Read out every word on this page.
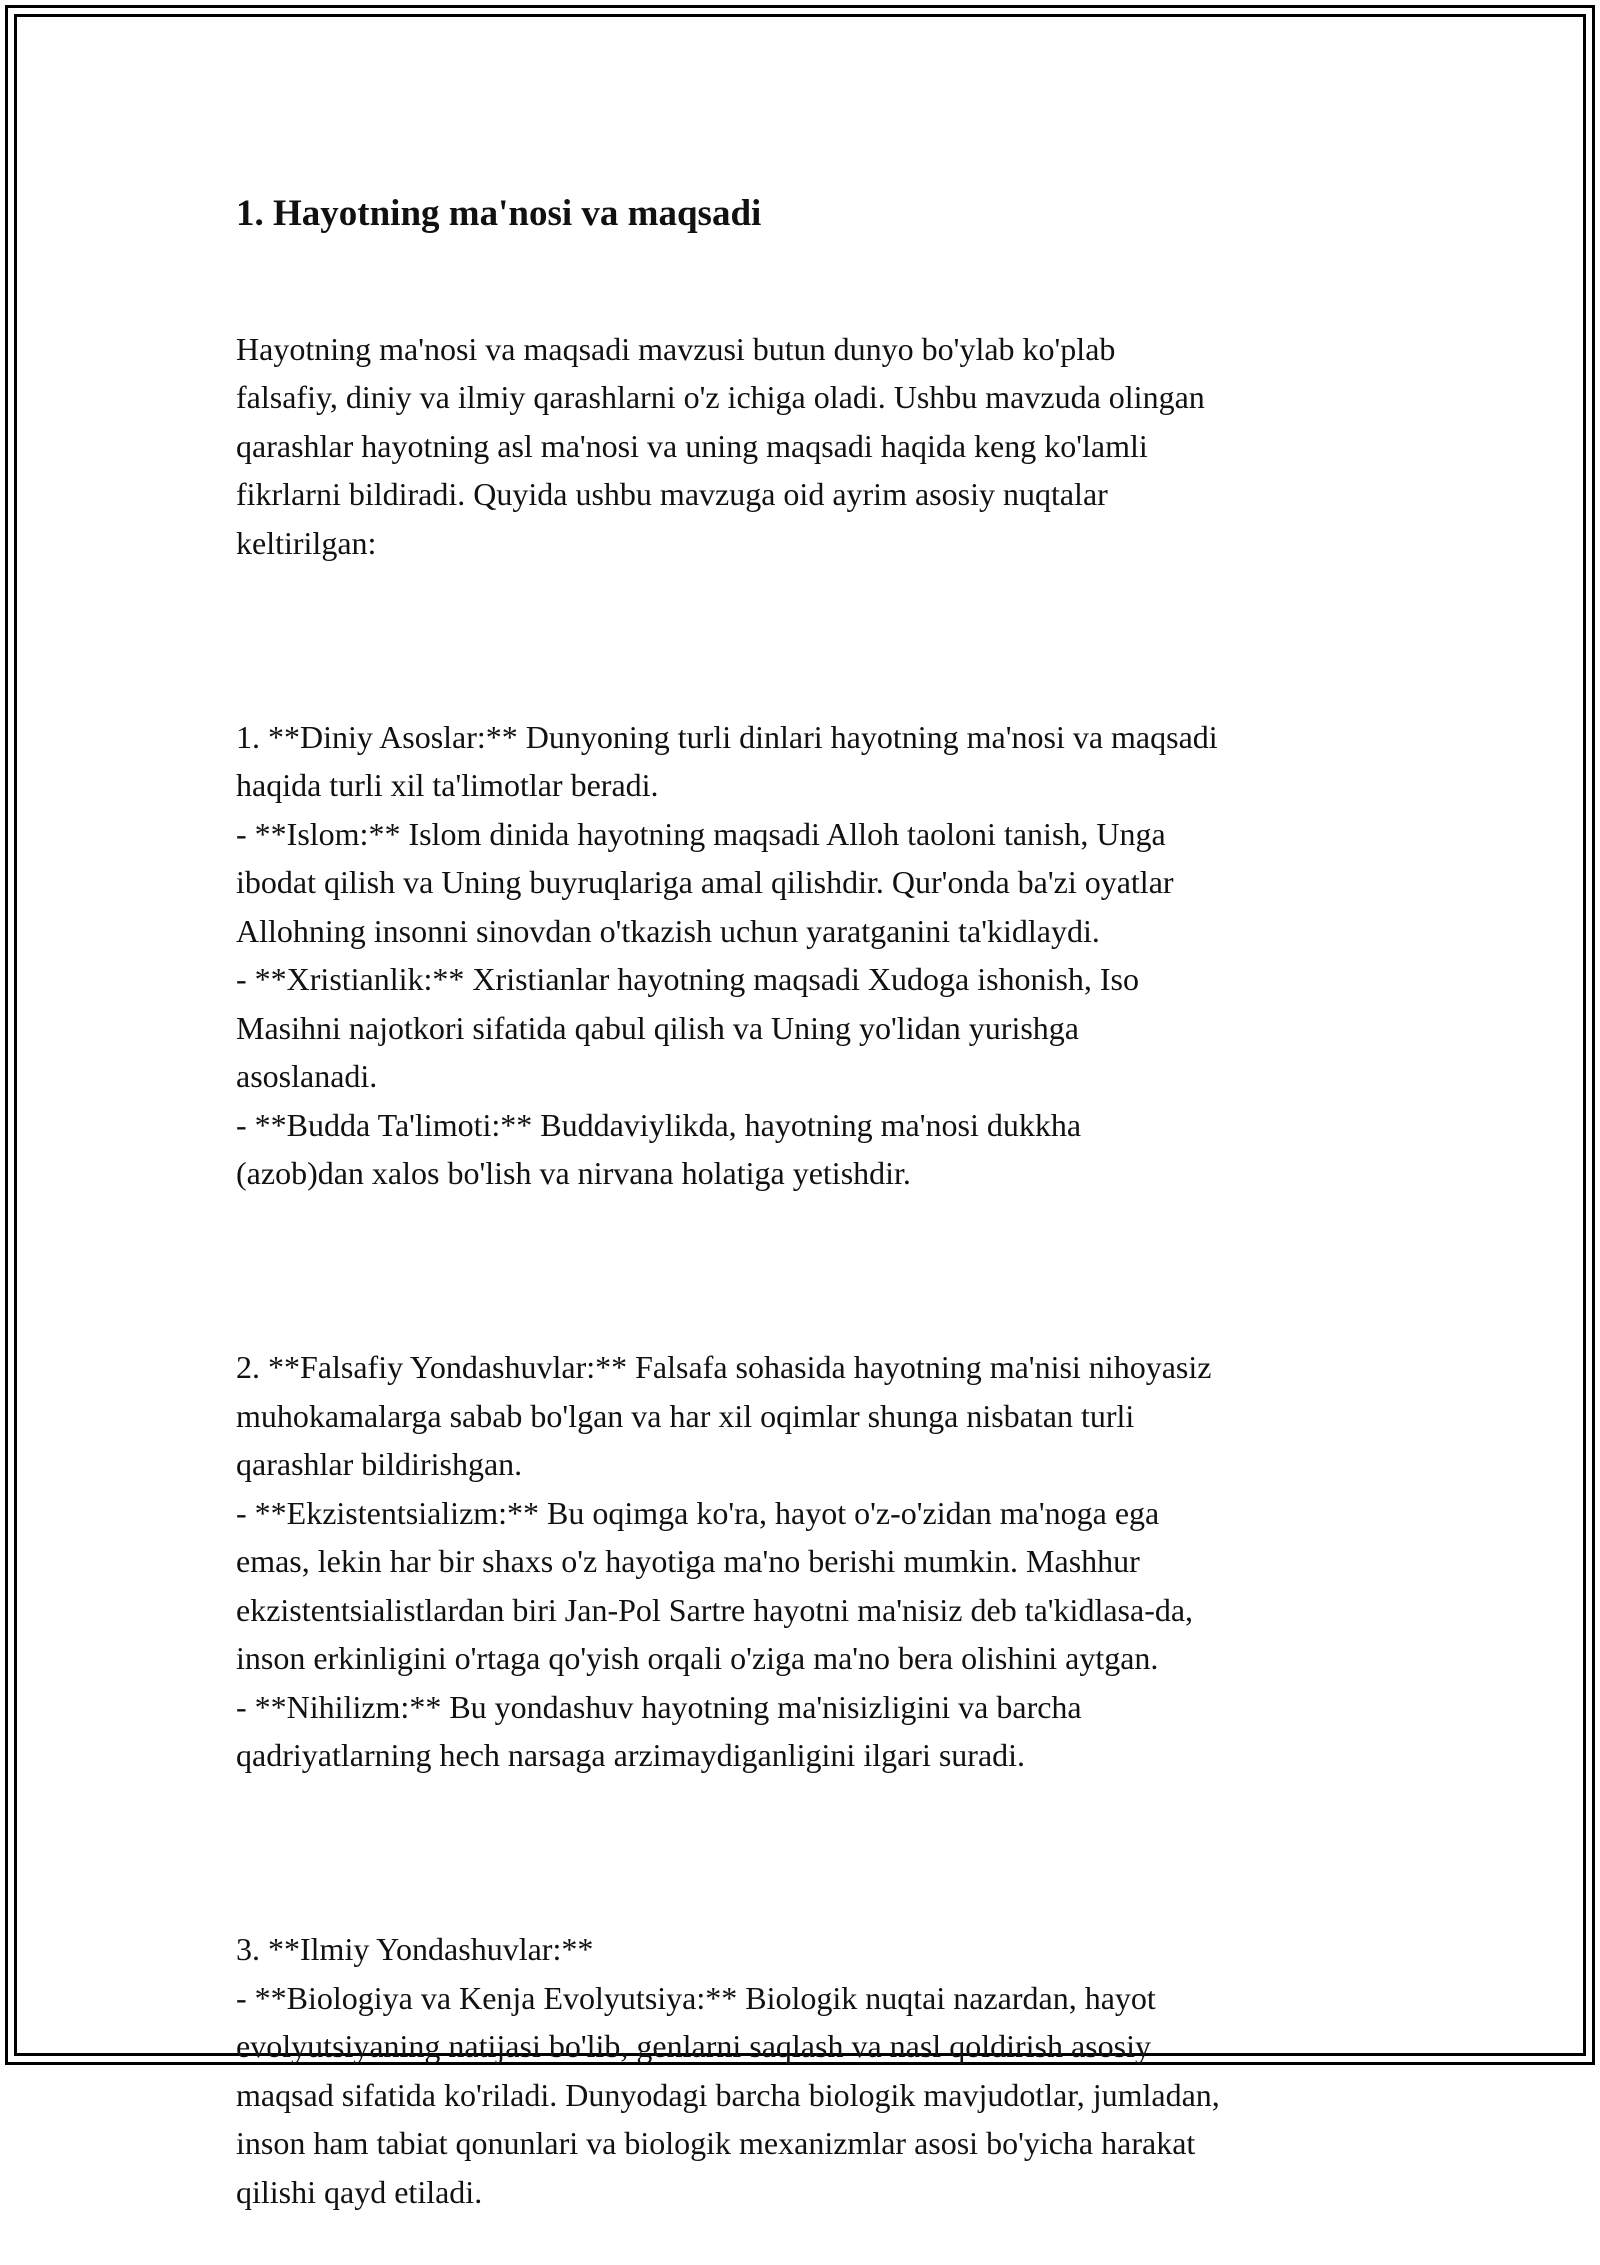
1. Hayotning ma'nosi va maqsadi

Hayotning ma'nosi va maqsadi mavzusi butun dunyo bo'ylab ko'plab
falsafiy, diniy va ilmiy qarashlarni o'z ichiga oladi. Ushbu mavzuda olingan
qarashlar hayotning asl ma'nosi va uning maqsadi haqida keng ko'lamli
fikrlarni bildiradi. Quyida ushbu mavzuga oid ayrim asosiy nuqtalar
keltirilgan:

1. **Diniy Asoslar:** Dunyoning turli dinlari hayotning ma'nosi va maqsadi
haqida turli xil ta'limotlar beradi.
- **Islom:** Islom dinida hayotning maqsadi Alloh taoloni tanish, Unga
ibodat qilish va Uning buyruqlariga amal qilishdir. Qur'onda ba'zi oyatlar
Allohning insonni sinovdan o'tkazish uchun yaratganini ta'kidlaydi.
- **Xristianlik:** Xristianlar hayotning maqsadi Xudoga ishonish, Iso
Masihni najotkori sifatida qabul qilish va Uning yo'lidan yurishga
asoslanadi.
- **Budda Ta'limoti:** Buddaviylikda, hayotning ma'nosi dukkha
(azob)dan xalos bo'lish va nirvana holatiga yetishdir.

2. **Falsafiy Yondashuvlar:** Falsafa sohasida hayotning ma'nisi nihoyasiz
muhokamalarga sabab bo'lgan va har xil oqimlar shunga nisbatan turli
qarashlar bildirishgan.
- **Ekzistentsializm:** Bu oqimga ko'ra, hayot o'z-o'zidan ma'noga ega
emas, lekin har bir shaxs o'z hayotiga ma'no berishi mumkin. Mashhur
ekzistentsialistlardan biri Jan-Pol Sartre hayotni ma'nisiz deb ta'kidlasa-da,
inson erkinligini o'rtaga qo'yish orqali o'ziga ma'no bera olishini aytgan.
- **Nihilizm:** Bu yondashuv hayotning ma'nisizligini va barcha
qadriyatlarning hech narsaga arzimaydiganligini ilgari suradi.

3. **Ilmiy Yondashuvlar:**
- **Biologiya va Kenja Evolyutsiya:** Biologik nuqtai nazardan, hayot
evolyutsiyaning natijasi bo'lib, genlarni saqlash va nasl qoldirish asosiy
maqsad sifatida ko'riladi. Dunyodagi barcha biologik mavjudotlar, jumladan,
inson ham tabiat qonunlari va biologik mexanizmlar asosi bo'yicha harakat
qilishi qayd etiladi.
